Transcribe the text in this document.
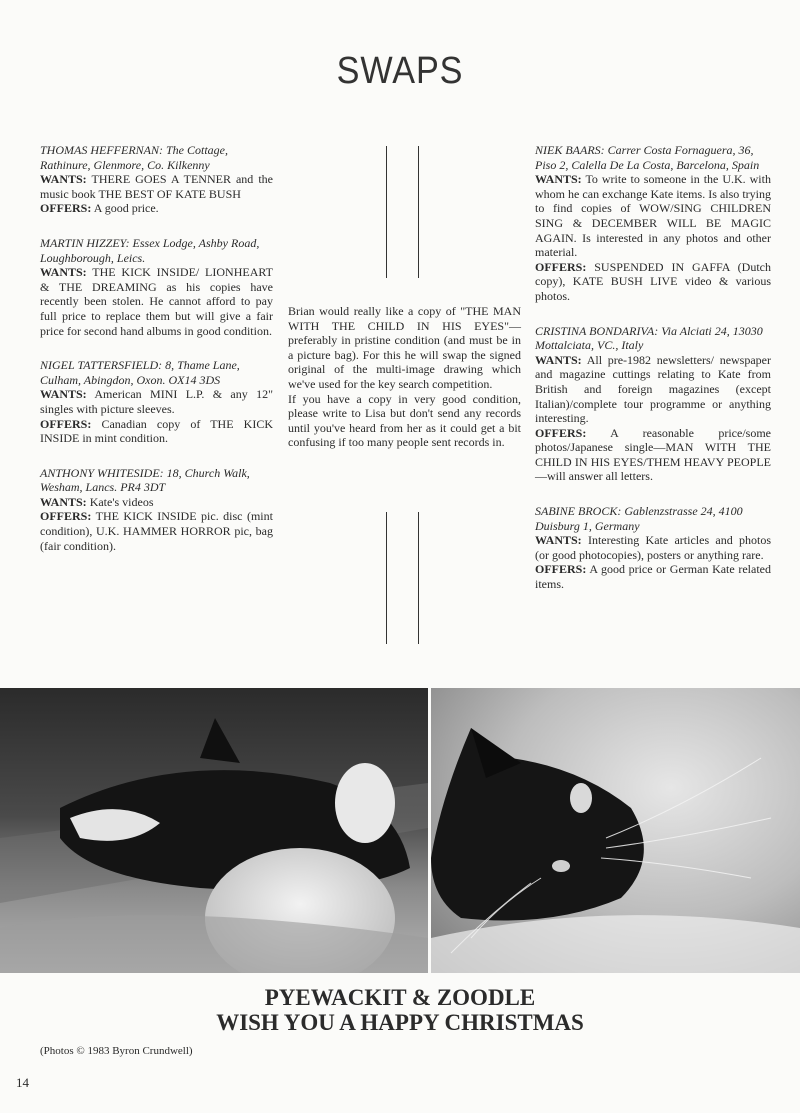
SWAPS

THOMAS HEFFERNAN: The Cottage, Rathinure, Glenmore, Co. Kilkenny

WANTS: THERE GOES A TENNER and the music book THE BEST OF KATE BUSH

OFFERS: A good price.

MARTIN HIZZEY: Essex Lodge, Ashby Road, Loughborough, Leics.

WANTS: THE KICK INSIDE/ LIONHEART & THE DREAMING as his copies have recently been stolen. He cannot afford to pay full price to replace them but will give a fair price for second hand albums in good condition.

NIGEL TATTERSFIELD: 8, Thame Lane, Culham, Abingdon, Oxon. OX14 3DS

WANTS: American MINI L.P. & any 12" singles with picture sleeves.

OFFERS: Canadian copy of THE KICK INSIDE in mint condition.

ANTHONY WHITESIDE: 18, Church Walk, Wesham, Lancs. PR4 3DT

WANTS: Kate's videos

OFFERS: THE KICK INSIDE pic. disc (mint condition), U.K. HAMMER HORROR pic, bag (fair condition).

Brian would really like a copy of "THE MAN WITH THE CHILD IN HIS EYES"—preferably in pristine condition (and must be in a picture bag). For this he will swap the signed original of the multi-image drawing which we've used for the key search competition.

If you have a copy in very good condition, please write to Lisa but don't send any records until you've heard from her as it could get a bit confusing if too many people sent records in.

NIEK BAARS: Carrer Costa Fornaguera, 36, Piso 2, Calella De La Costa, Barcelona, Spain

WANTS: To write to someone in the U.K. with whom he can exchange Kate items. Is also trying to find copies of WOW/SING CHILDREN SING & DECEMBER WILL BE MAGIC AGAIN. Is interested in any photos and other material.

OFFERS: SUSPENDED IN GAFFA (Dutch copy), KATE BUSH LIVE video & various photos.

CRISTINA BONDARIVA: Via Alciati 24, 13030 Mottalciata, VC., Italy

WANTS: All pre-1982 newsletters/ newspaper and magazine cuttings relating to Kate from British and foreign magazines (except Italian)/complete tour programme or anything interesting.

OFFERS: A reasonable price/some photos/Japanese single—MAN WITH THE CHILD IN HIS EYES/THEM HEAVY PEOPLE—will answer all letters.

SABINE BROCK: Gablenzstrasse 24, 4100 Duisburg 1, Germany

WANTS: Interesting Kate articles and photos (or good photocopies), posters or anything rare.

OFFERS: A good price or German Kate related items.

PYEWACKIT & ZOODLE
WISH YOU A HAPPY CHRISTMAS
(Photos © 1983 Byron Crundwell)
14
